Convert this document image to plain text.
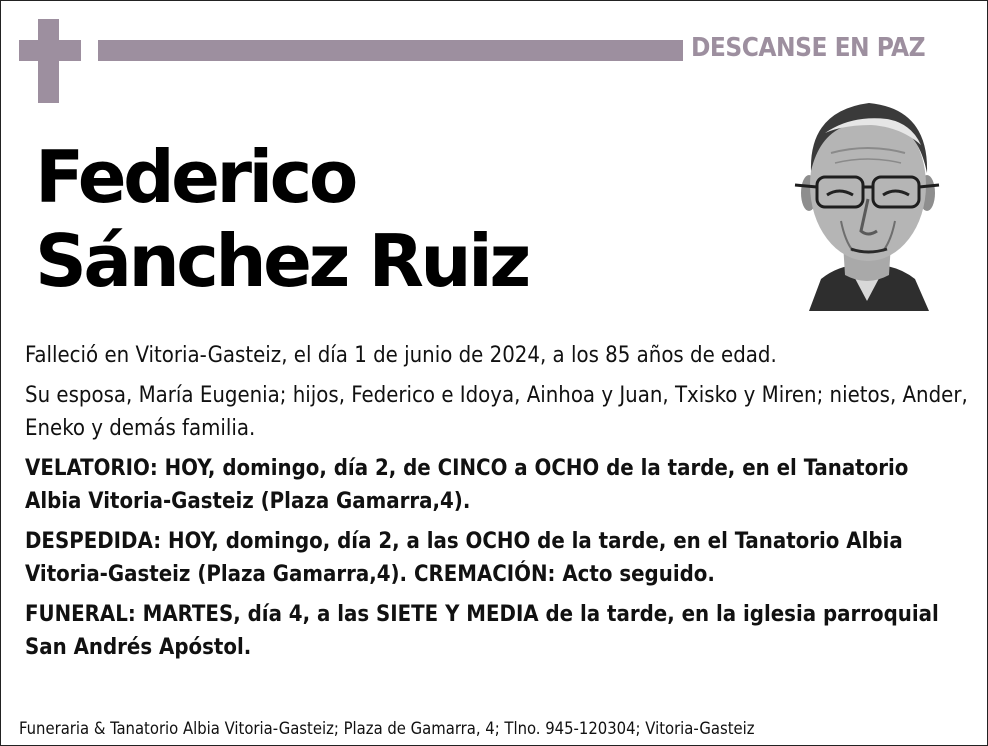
DESCANSE EN PAZ
Federico
Sánchez Ruiz

Falleció en Vitoria-Gasteiz, el día 1 de junio de 2024, a los 85 años de edad.

Su esposa, María Eugenia; hijos, Federico e Idoya, Ainhoa y Juan, Txisko y Miren; nietos, Ander, Eneko y demás familia.

VELATORIO: HOY, domingo, día 2, de CINCO a OCHO de la tarde, en el Tanatorio Albia Vitoria-Gasteiz (Plaza Gamarra,4).

DESPEDIDA: HOY, domingo, día 2, a las OCHO de la tarde, en el Tanatorio Albia Vitoria-Gasteiz (Plaza Gamarra,4). CREMACIÓN: Acto seguido.

FUNERAL: MARTES, día 4, a las SIETE Y MEDIA de la tarde, en la iglesia parroquial San Andrés Apóstol.

Funeraria & Tanatorio Albia Vitoria-Gasteiz; Plaza de Gamarra, 4; Tlno. 945-120304; Vitoria-Gasteiz
